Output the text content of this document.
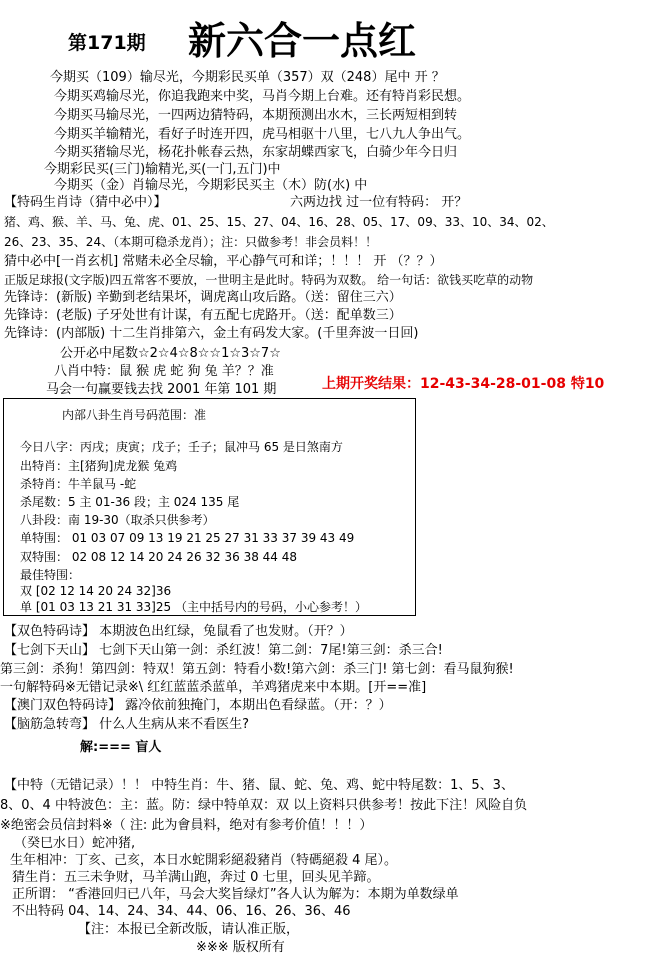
第171期 新六合一点红
今期买（109）输尽光，今期彩民买单（357）双（248）尾中 开 ？
今期买鸡输尽光，你追我跑来中奖，马肖今期上台难。还有特肖彩民想。
今期买马输尽光，一四两边猜特码，本期预测出水木，三长两短相到转
今期买羊输精光，看好子时连开四，虎马相驱十八里，七八九人争出气。
今期买猪输尽光，杨花扑帐春云热，东家胡蝶西家飞，白骑少年今日归
今期彩民买(三门)输精光,买(一门,五门)中
今期买（金）肖输尽光，今期彩民买主（木）防(水) 中
【特码生肖诗（猜中必中）】	六两边找 过一位有特码： 开？
猪、鸡、猴、羊、马、兔、虎、01、25、15、27、04、16、28、05、17、09、33、10、34、02、
26、23、35、24、（本期可稳杀龙肖）；注：只做参考！非会员料！！
猜中必中[一肖玄机] 常赌未必全尽输，平心静气可和详；！！！ 开 （？？）
正版足球报(文字版)四五常客不要放，一世明主是此时。特码为双数。 给一句话：欲钱买吃草的动物
先锋诗：(新版) 辛勤到老结果坏，调虎离山攻后路。（送：留住三六）
先锋诗：(老版) 子牙处世有计谋，有五配七虎路开。（送：配单数三）
先锋诗：(内部版) 十二生肖排第六，金土有码发大家。(千里奔波一日回)
公开必中尾数☆2☆4☆8☆☆1☆3☆7☆
八肖中特：鼠 猴 虎 蛇 狗 兔 羊？？准
马会一句赢要钱去找 2001 年第 101 期	上期开奖结果：12-43-34-28-01-08 特10
内部八卦生肖号码范围：准
今日八字：丙戌；庚寅；戊子；壬子；鼠冲马 65 是日煞南方
出特肖：主[猪狗]虎龙猴 兔鸡
杀特肖：牛羊鼠马 -蛇
杀尾数：5 主 01-36 段；主 024 135 尾
八卦段：南 19-30（取杀只供参考）
单特围： 01 03 07 09 13 19 21 25 27 31 33 37 39 43 49
双特围： 02 08 12 14 20 24 26 32 36 38 44 48
最佳特围：
双 [02 12 14 20 24 32]36
单 [01 03 13 21 31 33]25 （主中括号内的号码，小心参考！）
【双色特码诗】 本期波色出红绿，兔鼠看了也发财。（开？）
【七剑下天山】 七剑下天山第一剑：杀红波！第二剑：7尾!第三剑：杀三合!
第三剑：杀狗！第四剑：特双！第五剑：特看小数!第六剑：杀三门! 第七剑：看马鼠狗猴!
一句解特码※无错记录※\ 红红蓝蓝杀蓝单，羊鸡猪虎来中本期。[开==准]
【澳门双色特码诗】 露冷依前独掩门，本期出色看绿蓝。（开：？）
【脑筋急转弯】 什么人生病从来不看医生?
解:=== 盲人
【中特（无错记录）！！ 中特生肖：牛、猪、鼠、蛇、兔、鸡、蛇中特尾数：1、5、3、
8、0、4 中特波色：主：蓝。防：绿中特单双：双 以上资料只供参考！按此下注！风险自负
※绝密会员信封料※（ 注: 此为會員料，绝对有参考价值！！！）
（癸巳水日）蛇冲猪,
生年相冲：丁亥、己亥，本日水蛇開彩絕殺豬肖（特碼絕殺 4 尾）。
猜生肖：五三未争财，马羊满山跑，奔过 0 七里，回头见羊蹄。
正所谓： “香港回归已八年，马会大奖旨绿灯”各人认为解为：本期为单数绿单
不出特码 04、14、24、34、44、06、16、26、36、46
【注：本报已全新改版，请认准正版，
※※※ 版权所有
